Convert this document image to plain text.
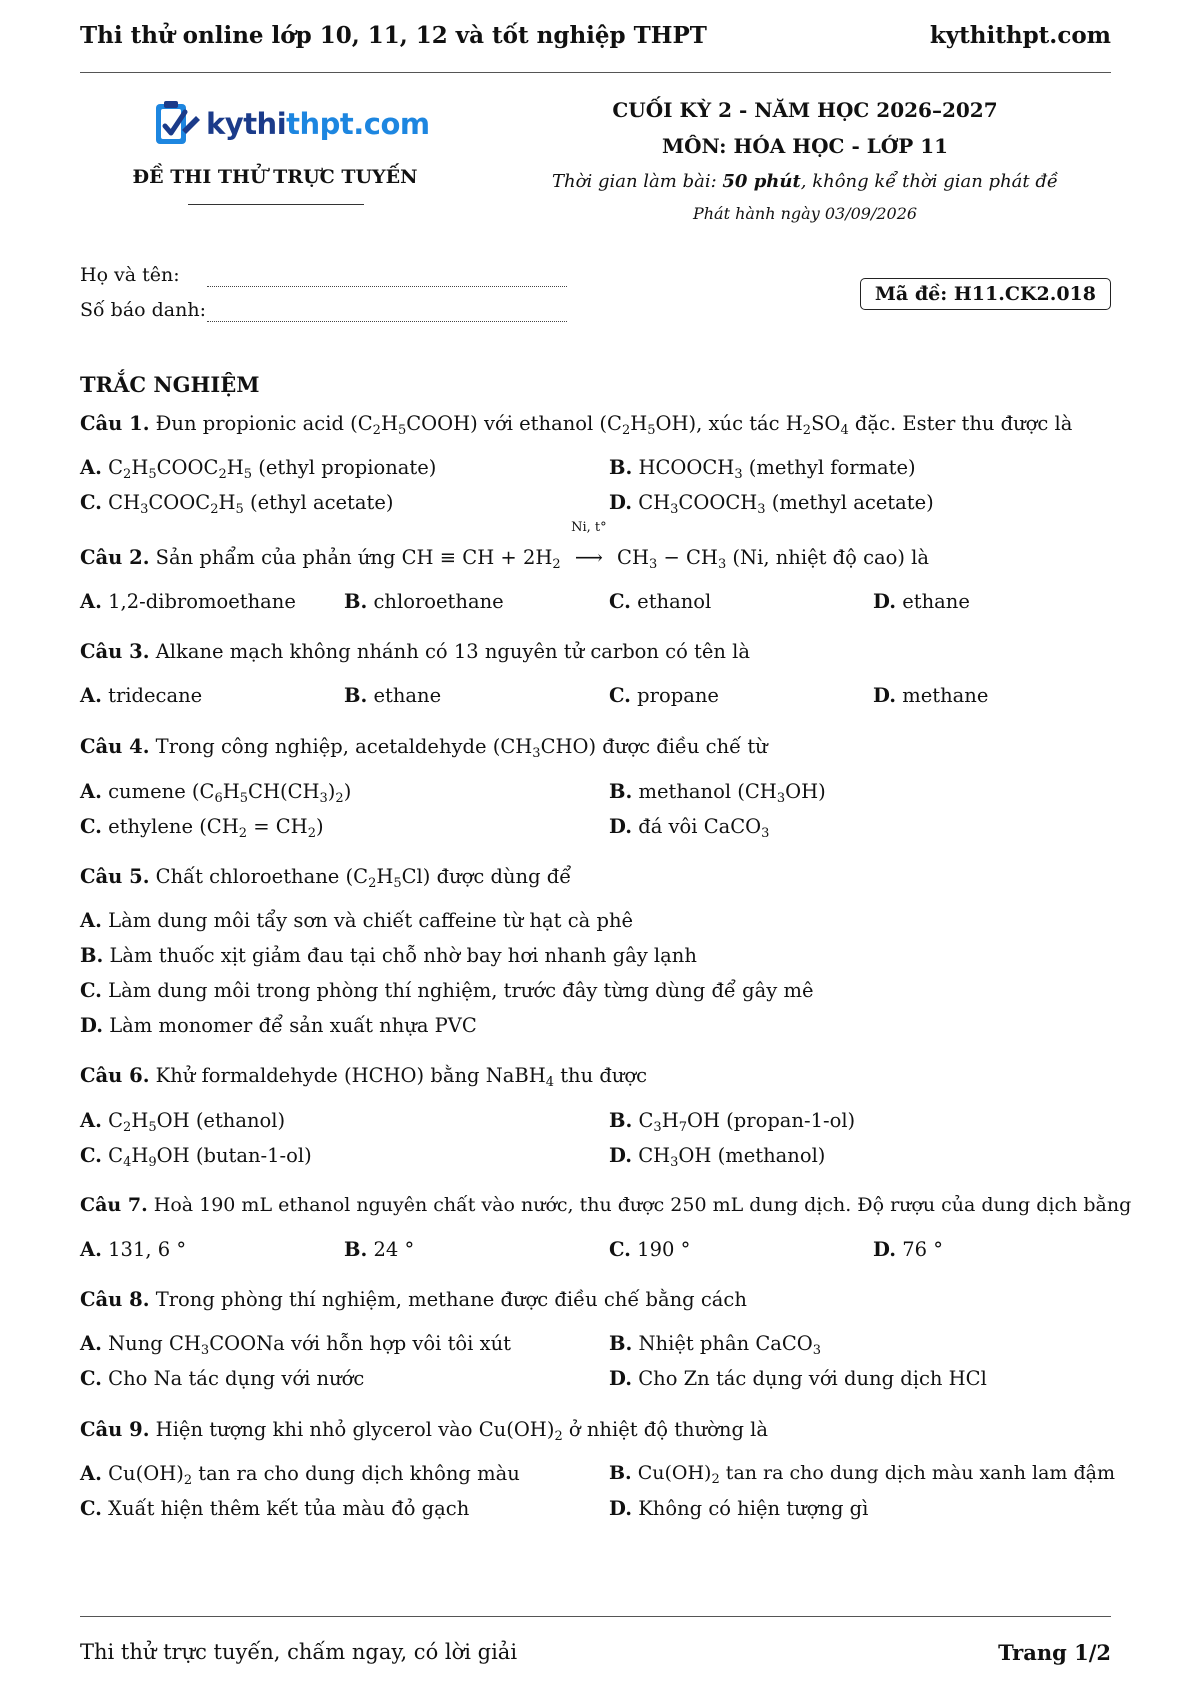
Thi thử online lớp 10, 11, 12 và tốt nghiệp THPT	kythithpt.com
kythithpt.com
ĐỀ THI THỬ TRỰC TUYẾN
CUỐI KỲ 2 - NĂM HỌC 2026–2027
MÔN: HÓA HỌC - LỚP 11
Thời gian làm bài: 50 phút, không kể thời gian phát đề
Phát hành ngày 03/09/2026
Họ và tên:
Số báo danh:
Mã đề: H11.CK2.018
TRẮC NGHIỆM
Câu 1. Đun propionic acid $(C_2H_5COOH)$ với ethanol $(C_2H_5OH)$, xúc tác $H_2SO_4$ đặc. Ester thu được là
A. $C_2H_5COOC_2H_5$ (ethyl propionate)	B. $HCOOCH_3$ (methyl formate)
C. $CH_3COOC_2H_5$ (ethyl acetate)	D. $CH_3COOCH_3$ (methyl acetate)
Câu 2. Sản phẩm của phản ứng CH ≡ CH + $2H_2$
Ni, t°
⟶ $CH_3 - CH_3$ (Ni, nhiệt độ cao) là
A. 1,2-dibromoethane B. chloroethane	C. ethanol	D. ethane
Câu 3. Alkane mạch không nhánh có 13 nguyên tử carbon có tên là
A. tridecane	B. ethane	C. propane	D. methane
Câu 4. Trong công nghiệp, acetaldehyde $(CH_3CHO)$ được điều chế từ
A. cumene $(C_6H_5CH(CH_3)_2)$	B. methanol $(CH_3OH)$
C. ethylene $(CH_2 = CH_2)$	D. đá vôi CaCO$_3$
Câu 5. Chất chloroethane $(C_2H_5Cl)$ được dùng để
A. Làm dung môi tẩy sơn và chiết caffeine từ hạt cà phê
B. Làm thuốc xịt giảm đau tại chỗ nhờ bay hơi nhanh gây lạnh
C. Làm dung môi trong phòng thí nghiệm, trước đây từng dùng để gây mê
D. Làm monomer để sản xuất nhựa PVC
Câu 6. Khử formaldehyde (HCHO) bằng NaBH$_4$ thu được
A. $C_2H_5OH$ (ethanol)	B. $C_3H_7OH$ (propan-1-ol)
C. $C_4H_9OH$ (butan-1-ol)	D. $CH_3OH$ (methanol)
Câu 7. Hoà 190 mL ethanol nguyên chất vào nước, thu được 250 mL dung dịch. Độ rượu của dung dịch bằng
A. 131, 6 °	B. 24 °	C. 190 °	D. 76 °
Câu 8. Trong phòng thí nghiệm, methane được điều chế bằng cách
A. Nung $CH_3COONa$ với hỗn hợp vôi tôi xút	B. Nhiệt phân CaCO$_3$
C. Cho Na tác dụng với nước	D. Cho Zn tác dụng với dung dịch HCl
Câu 9. Hiện tượng khi nhỏ glycerol vào $Cu(OH)_2$ ở nhiệt độ thường là
A. $Cu(OH)_2$ tan ra cho dung dịch không màu	B. $Cu(OH)_2$ tan ra cho dung dịch màu xanh lam đậm
C. Xuất hiện thêm kết tủa màu đỏ gạch	D. Không có hiện tượng gì
Thi thử trực tuyến, chấm ngay, có lời giải	Trang 1/2
